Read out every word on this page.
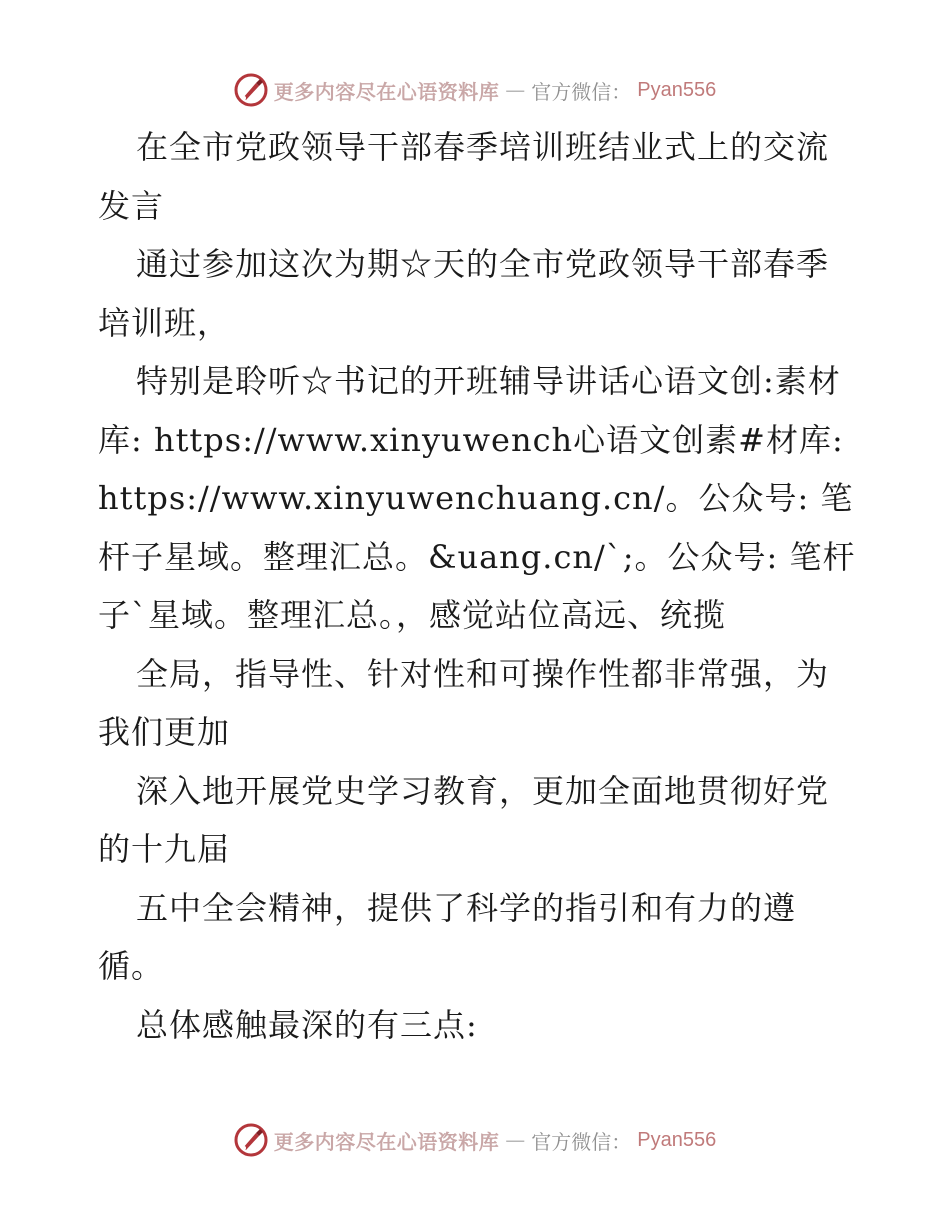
更多内容尽在心语资料库 — 官方微信： Pyan556

在全市党政领导干部春季培训班结业式上的交流发言

通过参加这次为期☆天的全市党政领导干部春季培训班，

特别是聆听☆书记的开班辅导讲话心语文创:素材库: https://www.xinyuwench心语文创素#材库: https://www.xinyuwenchuang.cn/。公众号: 笔杆子星域。整理汇总。&uang.cn/`;。公众号: 笔杆子`星域。整理汇总。，感觉站位高远、统揽

全局，指导性、针对性和可操作性都非常强，为我们更加

深入地开展党史学习教育，更加全面地贯彻好党的十九届

五中全会精神，提供了科学的指引和有力的遵循。

总体感触最深的有三点:

更多内容尽在心语资料库 — 官方微信： Pyan556
